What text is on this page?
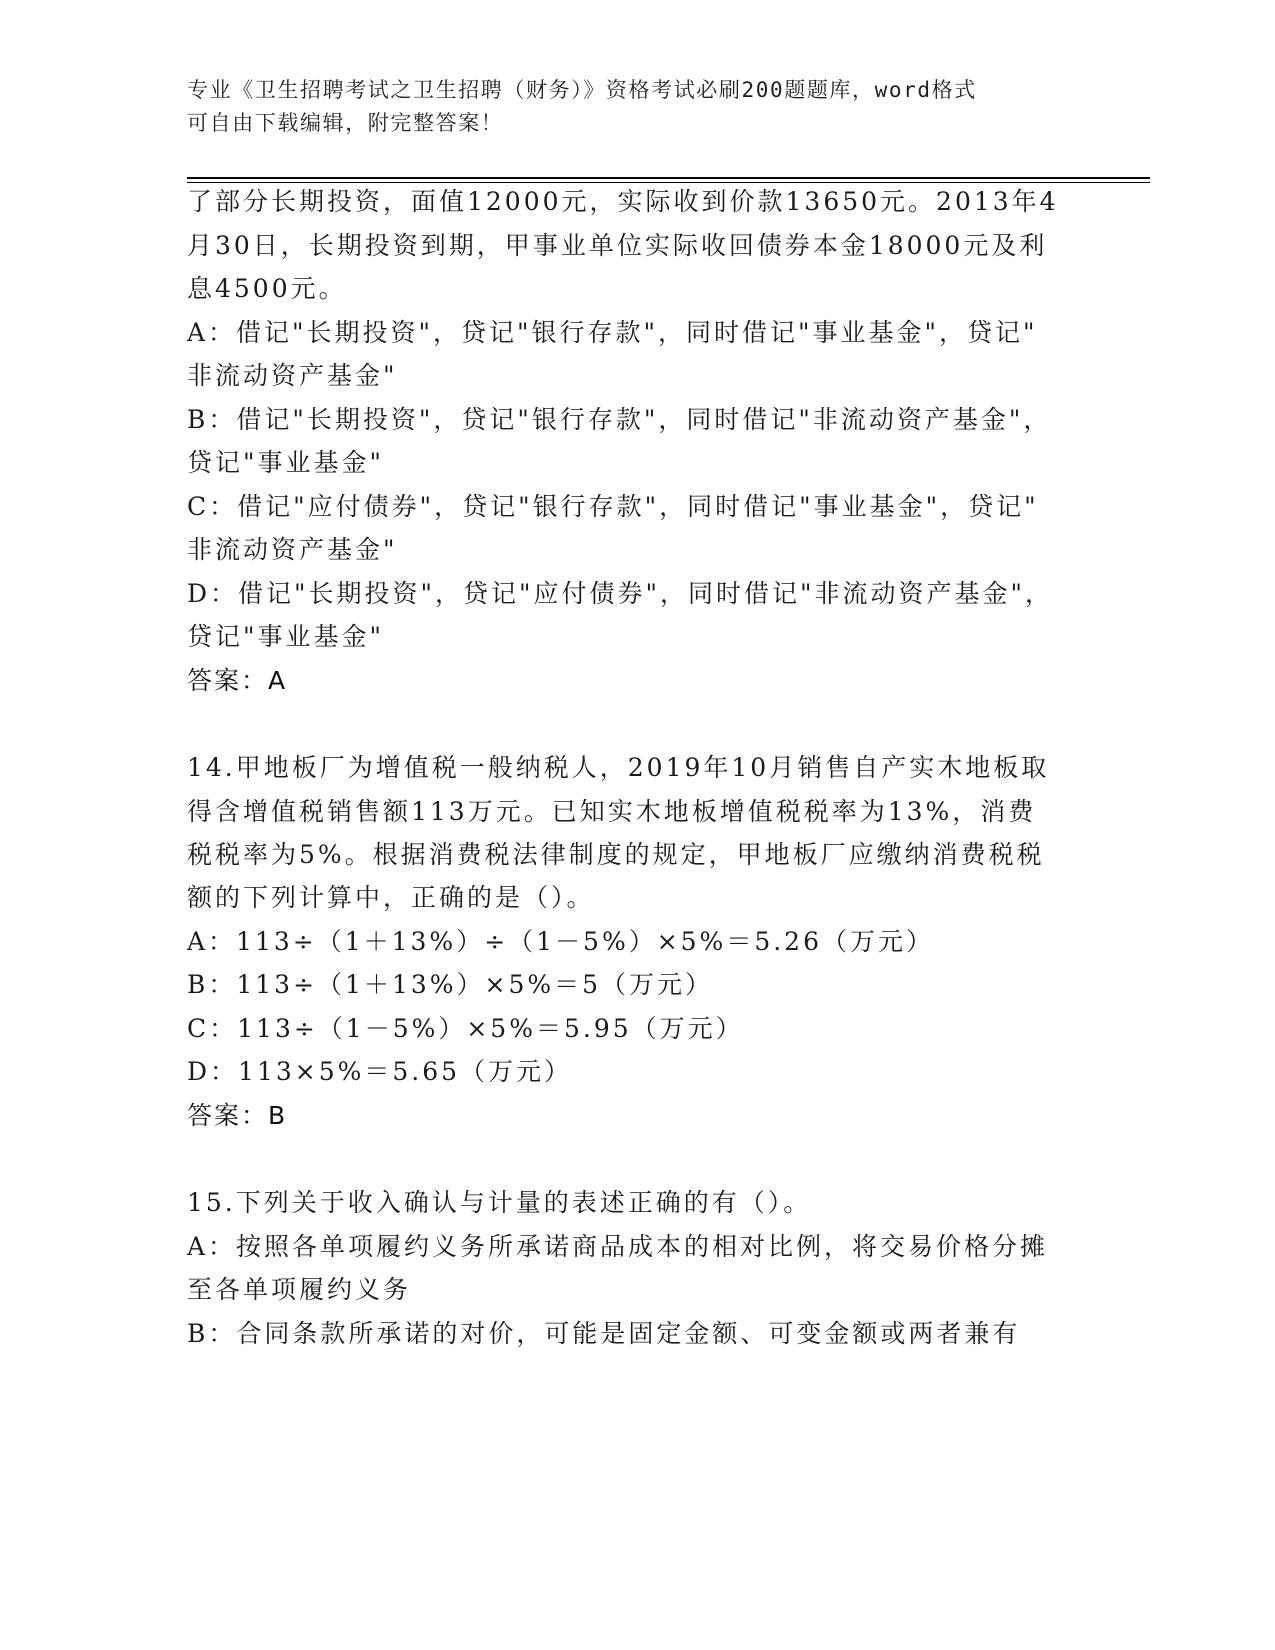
专业《卫生招聘考试之卫生招聘（财务）》资格考试必刷200题题库，word格式
可自由下载编辑，附完整答案！
了部分长期投资，面值12000元，实际收到价款13650元。2013年4
月30日，长期投资到期，甲事业单位实际收回债券本金18000元及利
息4500元。
A：借记"长期投资"，贷记"银行存款"，同时借记"事业基金"，贷记"
非流动资产基金"
B：借记"长期投资"，贷记"银行存款"，同时借记"非流动资产基金"，
贷记"事业基金"
C：借记"应付债券"，贷记"银行存款"，同时借记"事业基金"，贷记"
非流动资产基金"
D：借记"长期投资"，贷记"应付债券"，同时借记"非流动资产基金"，
贷记"事业基金"
答案：A
14.甲地板厂为增值税一般纳税人，2019年10月销售自产实木地板取
得含增值税销售额113万元。已知实木地板增值税税率为13%，消费
税税率为5%。根据消费税法律制度的规定，甲地板厂应缴纳消费税税
额的下列计算中，正确的是（）。
A：113÷（1＋13%）÷（1－5%）×5%＝5.26（万元）
B：113÷（1＋13%）×5%＝5（万元）
C：113÷（1－5%）×5%＝5.95（万元）
D：113×5%＝5.65（万元）
答案：B
15.下列关于收入确认与计量的表述正确的有（）。
A：按照各单项履约义务所承诺商品成本的相对比例，将交易价格分摊
至各单项履约义务
B：合同条款所承诺的对价，可能是固定金额、可变金额或两者兼有
